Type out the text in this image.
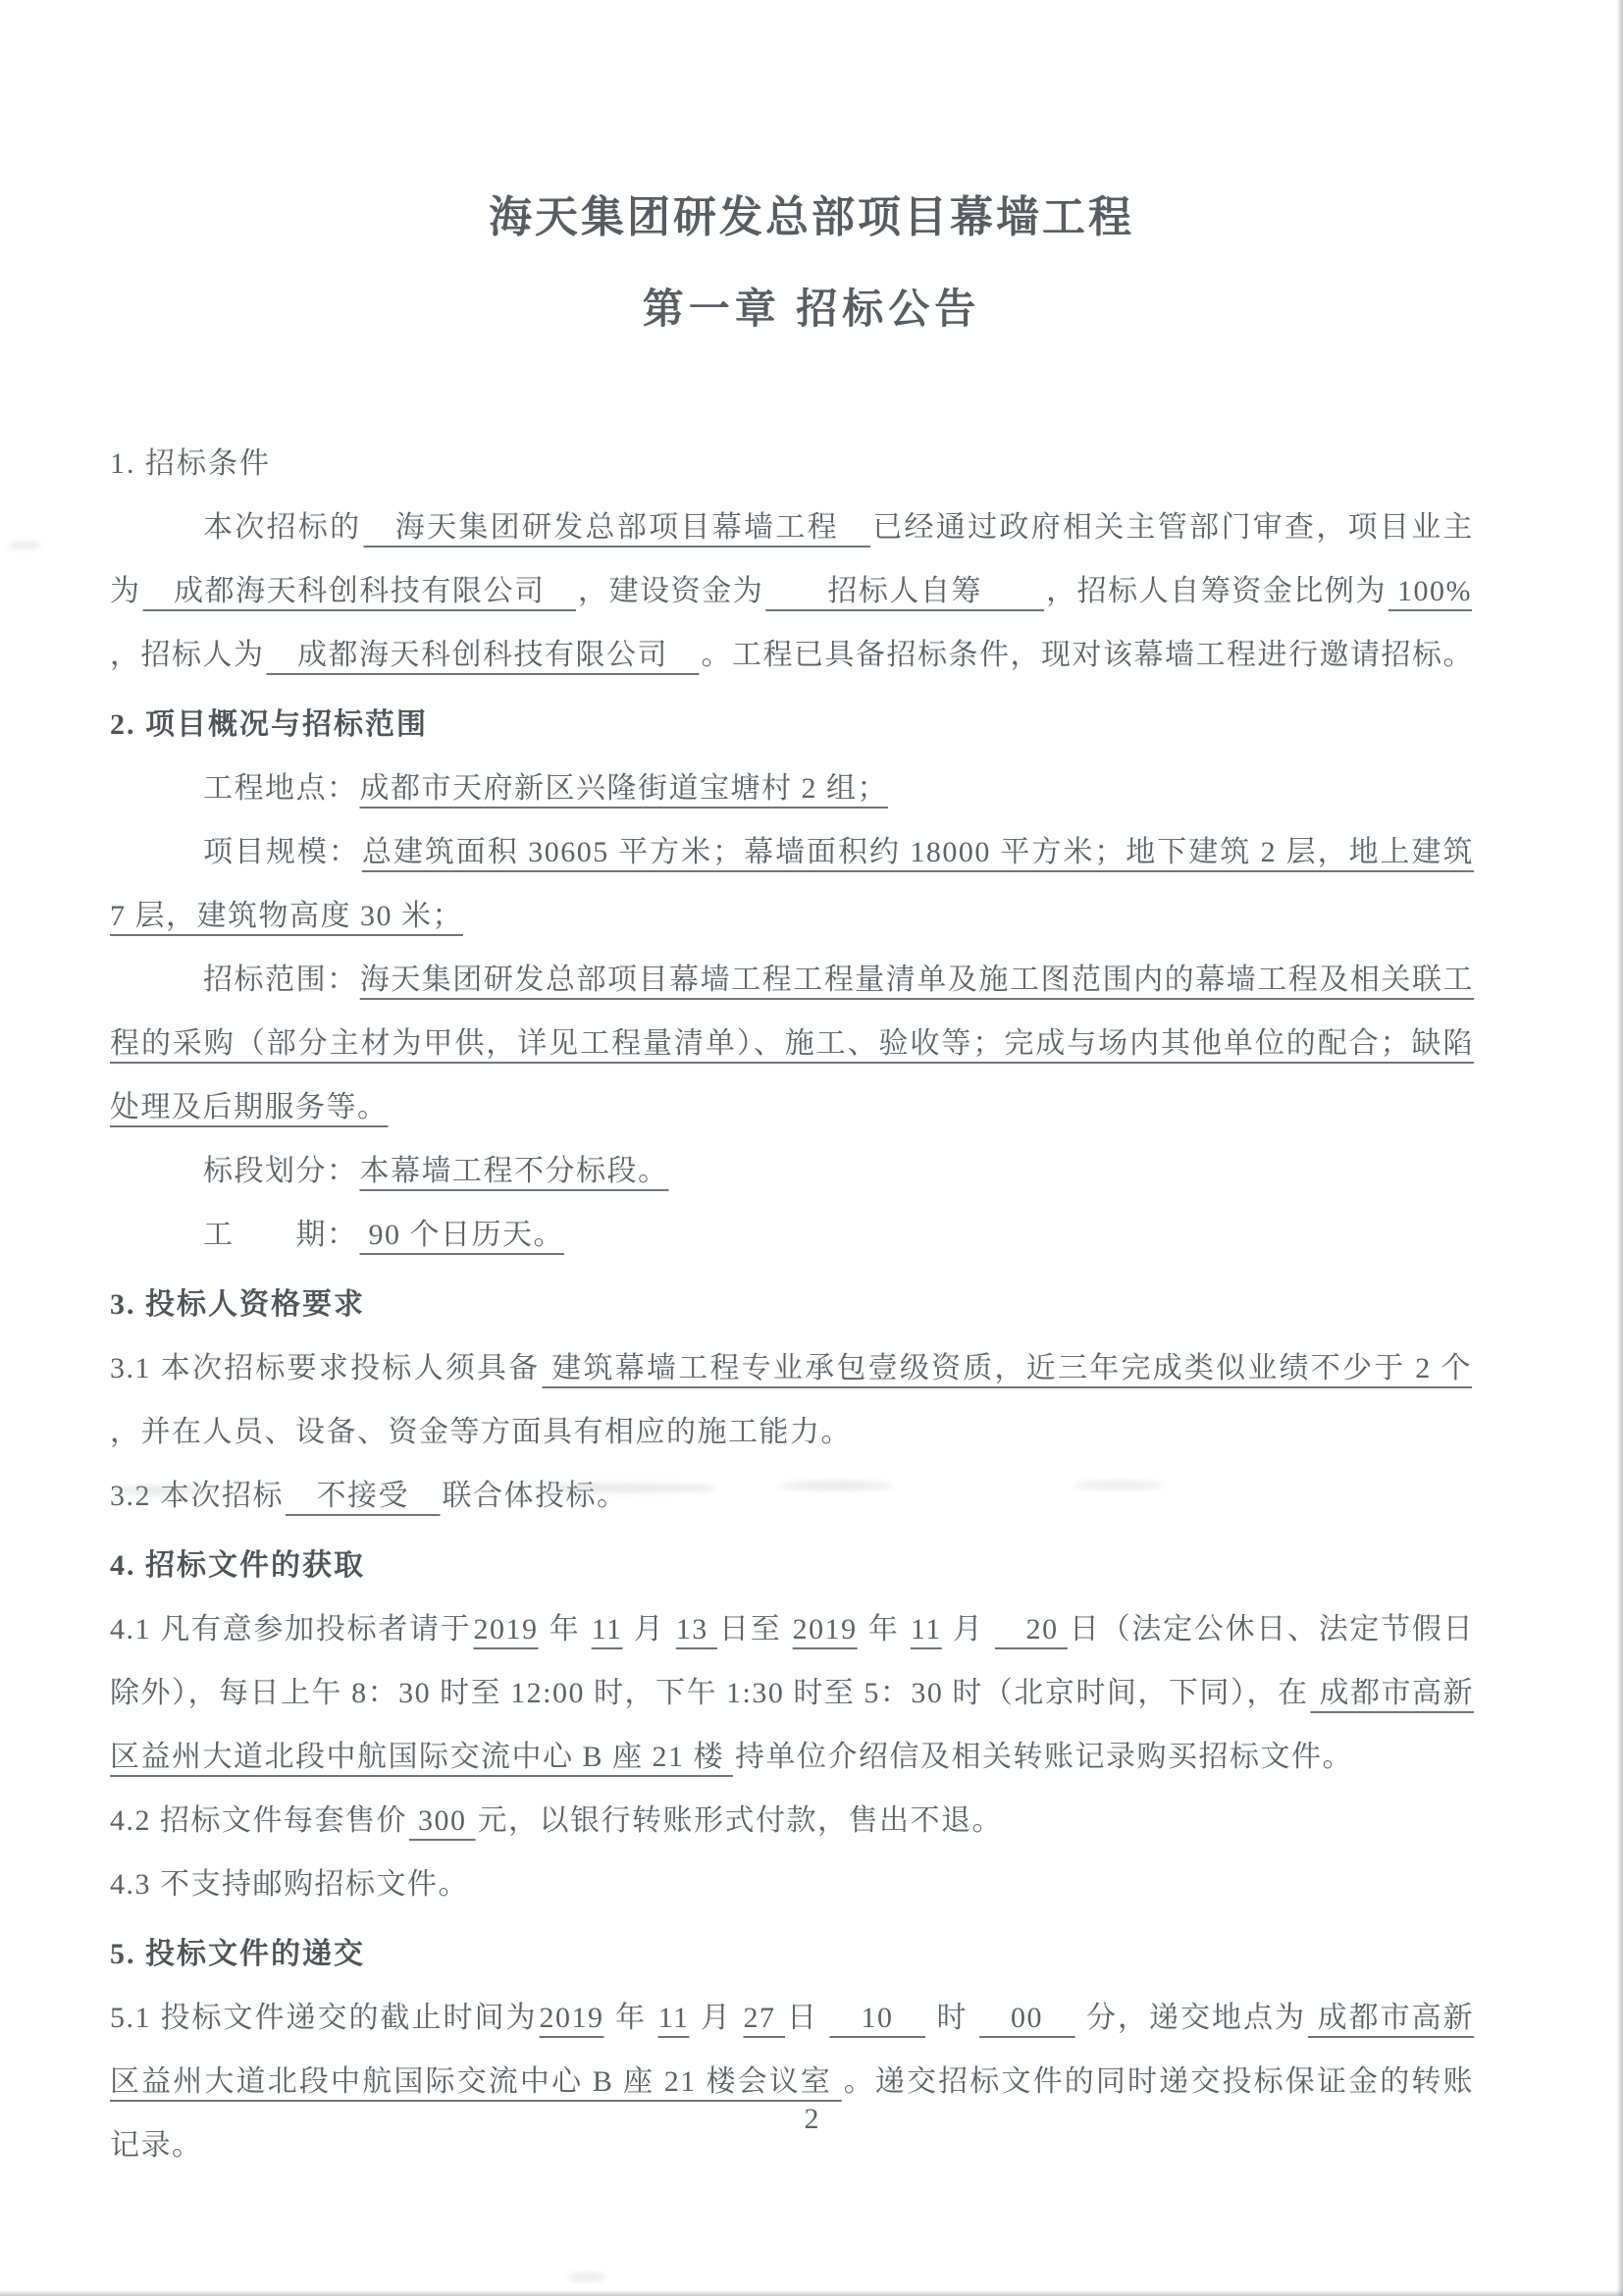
海天集团研发总部项目幕墙工程
第一章 招标公告
1. 招标条件

本次招标的　海天集团研发总部项目幕墙工程　已经通过政府相关主管部门审查，项目业主为　成都海天科创科技有限公司　，建设资金为　　招标人自筹　　，招标人自筹资金比例为 100% ，招标人为　成都海天科创科技有限公司　。工程已具备招标条件，现对该幕墙工程进行邀请招标。

2. 项目概况与招标范围

工程地点：成都市天府新区兴隆街道宝塘村 2 组；

项目规模：总建筑面积 30605 平方米；幕墙面积约 18000 平方米；地下建筑 2 层，地上建筑 7 层，建筑物高度 30 米；

招标范围：海天集团研发总部项目幕墙工程工程量清单及施工图范围内的幕墙工程及相关联工程的采购（部分主材为甲供，详见工程量清单）、施工、验收等；完成与场内其他单位的配合；缺陷处理及后期服务等。

标段划分：本幕墙工程不分标段。

工　　期： 90 个日历天。

3. 投标人资格要求

3.1 本次招标要求投标人须具备 建筑幕墙工程专业承包壹级资质，近三年完成类似业绩不少于 2 个 ，并在人员、设备、资金等方面具有相应的施工能力。

3.2 本次招标　不接受　联合体投标。

4. 招标文件的获取

4.1 凡有意参加投标者请于2019 年 11 月 13 日至 2019 年 11 月 　20 日（法定公休日、法定节假日除外），每日上午 8：30 时至 12:00 时，下午 1:30 时至 5：30 时（北京时间，下同），在 成都市高新区益州大道北段中航国际交流中心 B 座 21 楼 持单位介绍信及相关转账记录购买招标文件。

4.2 招标文件每套售价 300 元，以银行转账形式付款，售出不退。

4.3 不支持邮购招标文件。

5. 投标文件的递交

5.1 投标文件递交的截止时间为2019 年 11 月 27 日 　10　 时 　00　 分，递交地点为 成都市高新区益州大道北段中航国际交流中心 B 座 21 楼会议室 。递交招标文件的同时递交投标保证金的转账记录。

2
